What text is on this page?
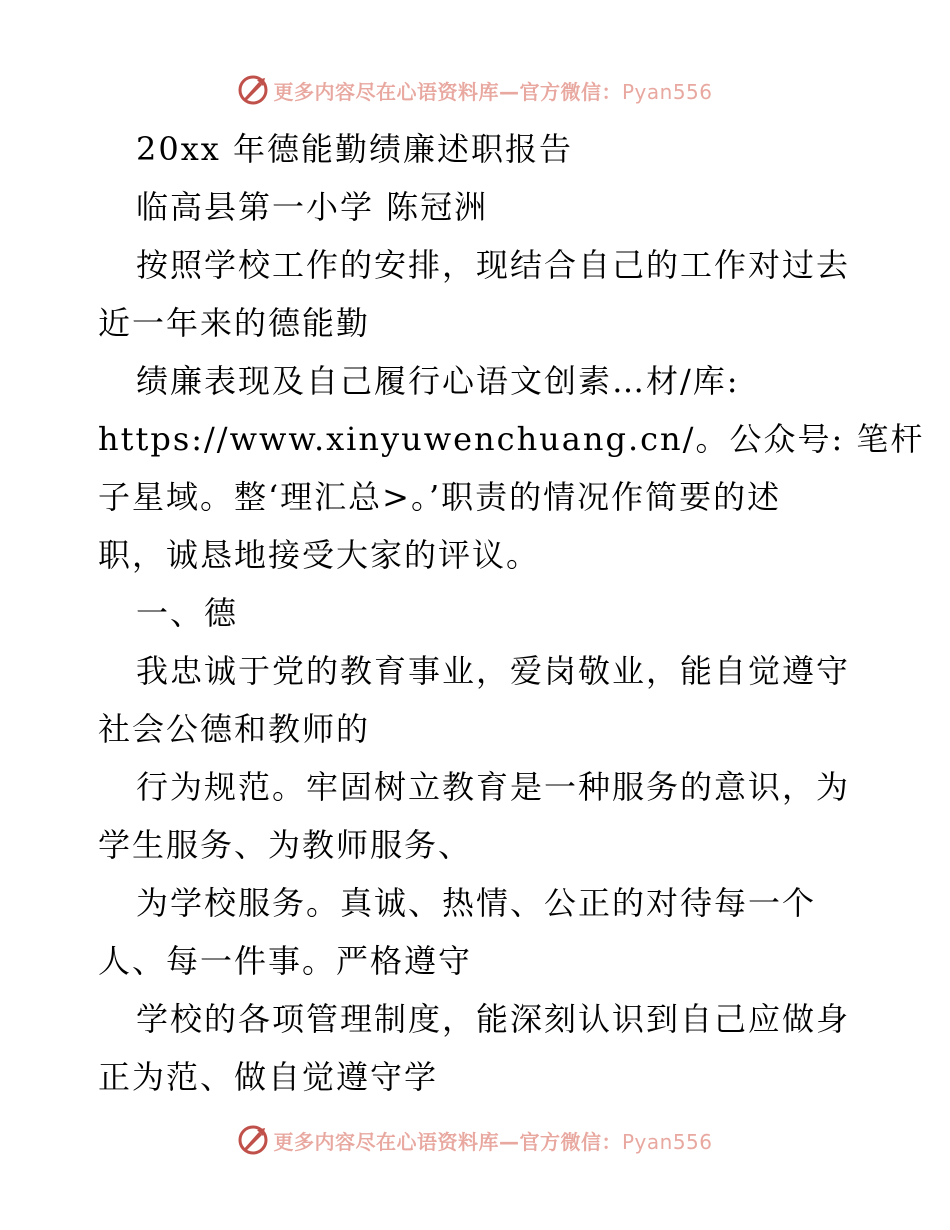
更多内容尽在心语资料库—官方微信：Pyan556
20xx 年德能勤绩廉述职报告
临高县第一小学 陈冠洲
按照学校工作的安排，现结合自己的工作对过去
近一年来的德能勤
绩廉表现及自己履行心语文创素…材/库:
https://www.xinyuwenchuang.cn/。公众号: 笔杆
子星域。整‘理汇总>。’职责的情况作简要的述
职，诚恳地接受大家的评议。
一、德
我忠诚于党的教育事业，爱岗敬业，能自觉遵守
社会公德和教师的
行为规范。牢固树立教育是一种服务的意识，为
学生服务、为教师服务、
为学校服务。真诚、热情、公正的对待每一个
人、每一件事。严格遵守
学校的各项管理制度，能深刻认识到自己应做身
正为范、做自觉遵守学
更多内容尽在心语资料库—官方微信：Pyan556
